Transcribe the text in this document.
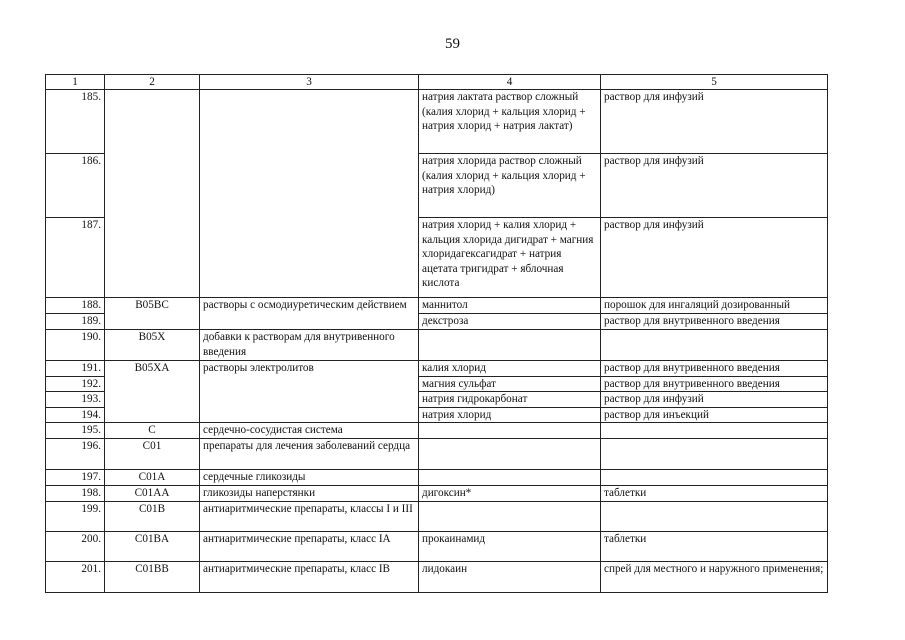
59
1	2	3	4	5
185.			натрия лактата раствор сложный (калия хлорид + кальция хлорид + натрия хлорид + натрия лактат)	раствор для инфузий
186.			натрия хлорида раствор сложный (калия хлорид + кальция хлорид + натрия хлорид)	раствор для инфузий
187.			натрия хлорид + калия хлорид + кальция хлорида дигидрат + магния хлоридагексагидрат + натрия ацетата тригидрат + яблочная кислота	раствор для инфузий
188.	B05BC	растворы с осмодиуретическим действием	маннитол	порошок для ингаляций дозированный
189.			декстроза	раствор для внутривенного введения
190.	B05X	добавки к растворам для внутривенного введения		
191.	B05XA	растворы электролитов	калия хлорид	раствор для внутривенного введения
192.			магния сульфат	раствор для внутривенного введения
193.			натрия гидрокарбонат	раствор для инфузий
194.			натрия хлорид	раствор для инъекций
195.	C	сердечно-сосудистая система		
196.	C01	препараты для лечения заболеваний сердца		
197.	C01A	сердечные гликозиды		
198.	C01AA	гликозиды наперстянки	дигоксин*	таблетки
199.	C01B	антиаритмические препараты, классы I и III		
200.	C01BA	антиаритмические препараты, класс IA	прокаинамид	таблетки
201.	C01BB	антиаритмические препараты, класс IB	лидокаин	спрей для местного и наружного применения;
